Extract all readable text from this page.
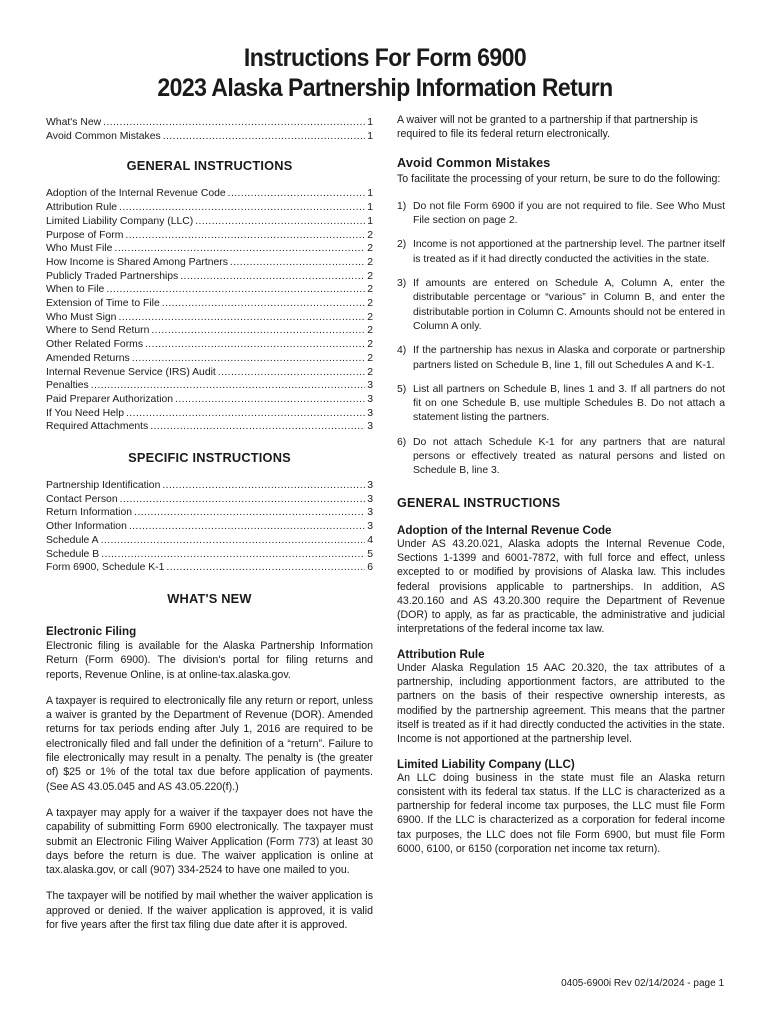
Instructions For Form 6900
2023 Alaska Partnership Information Return
What's New .....	1
Avoid Common Mistakes .....	1
GENERAL INSTRUCTIONS
Adoption of the Internal Revenue Code .....	1
Attribution Rule .....	1
Limited Liability Company (LLC) .....	1
Purpose of Form .....	2
Who Must File .....	2
How Income is Shared Among Partners .....	2
Publicly Traded Partnerships .....	2
When to File .....	2
Extension of Time to File .....	2
Who Must Sign .....	2
Where to Send Return .....	2
Other Related Forms .....	2
Amended Returns .....	2
Internal Revenue Service (IRS) Audit .....	2
Penalties .....	3
Paid Preparer Authorization .....	3
If You Need Help .....	3
Required Attachments .....	3
SPECIFIC INSTRUCTIONS
Partnership Identification .....	3
Contact Person .....	3
Return Information .....	3
Other Information .....	3
Schedule A .....	4
Schedule B .....	5
Form 6900, Schedule K-1 .....	6
WHAT'S NEW
Electronic Filing

Electronic filing is available for the Alaska Partnership Information Return (Form 6900). The division's portal for filing returns and reports, Revenue Online, is at online-tax.alaska.gov.

A taxpayer is required to electronically file any return or report, unless a waiver is granted by the Department of Revenue (DOR). Amended returns for tax periods ending after July 1, 2016 are required to be electronically filed and fall under the definition of a “return”. Failure to file electronically may result in a penalty. The penalty is (the greater of) $25 or 1% of the total tax due before application of payments. (See AS 43.05.045 and AS 43.05.220(f).)

A taxpayer may apply for a waiver if the taxpayer does not have the capability of submitting Form 6900 electronically. The taxpayer must submit an Electronic Filing Waiver Application (Form 773) at least 30 days before the return is due. The waiver application is online at tax.alaska.gov, or call (907) 334-2524 to have one mailed to you.

The taxpayer will be notified by mail whether the waiver application is approved or denied. If the waiver application is approved, it is valid for five years after the first tax filing due date after it is approved.

A waiver will not be granted to a partnership if that partnership is required to file its federal return electronically.

Avoid Common Mistakes

To facilitate the processing of your return, be sure to do the following:

1) Do not file Form 6900 if you are not required to file. See Who Must File section on page 2.
2) Income is not apportioned at the partnership level. The partner itself is treated as if it had directly conducted the activities in the state.
3) If amounts are entered on Schedule A, Column A, enter the distributable percentage or “various” in Column B, and enter the distributable portion in Column C. Amounts should not be entered in Column A only.
4) If the partnership has nexus in Alaska and corporate or partnership partners listed on Schedule B, line 1, fill out Schedules A and K-1.
5) List all partners on Schedule B, lines 1 and 3. If all partners do not fit on one Schedule B, use multiple Schedules B. Do not attach a statement listing the partners.
6) Do not attach Schedule K-1 for any partners that are natural persons or effectively treated as natural persons and listed on Schedule B, line 3.
GENERAL INSTRUCTIONS
Adoption of the Internal Revenue Code

Under AS 43.20.021, Alaska adopts the Internal Revenue Code, Sections 1-1399 and 6001-7872, with full force and effect, unless excepted to or modified by provisions of Alaska law. This includes federal provisions applicable to partnerships. In addition, AS 43.20.160 and AS 43.20.300 require the Department of Revenue (DOR) to apply, as far as practicable, the administrative and judicial interpretations of the federal income tax law.

Attribution Rule

Under Alaska Regulation 15 AAC 20.320, the tax attributes of a partnership, including apportionment factors, are attributed to the partners on the basis of their respective ownership interests, as modified by the partnership agreement. This means that the partner itself is treated as if it had directly conducted the activities in the state. Income is not apportioned at the partnership level.

Limited Liability Company (LLC)

An LLC doing business in the state must file an Alaska return consistent with its federal tax status. If the LLC is characterized as a partnership for federal income tax purposes, the LLC must file Form 6900. If the LLC is characterized as a corporation for federal income tax purposes, the LLC does not file Form 6900, but must file Form 6000, 6100, or 6150 (corporation net income tax return).

0405-6900i Rev 02/14/2024 - page 1
